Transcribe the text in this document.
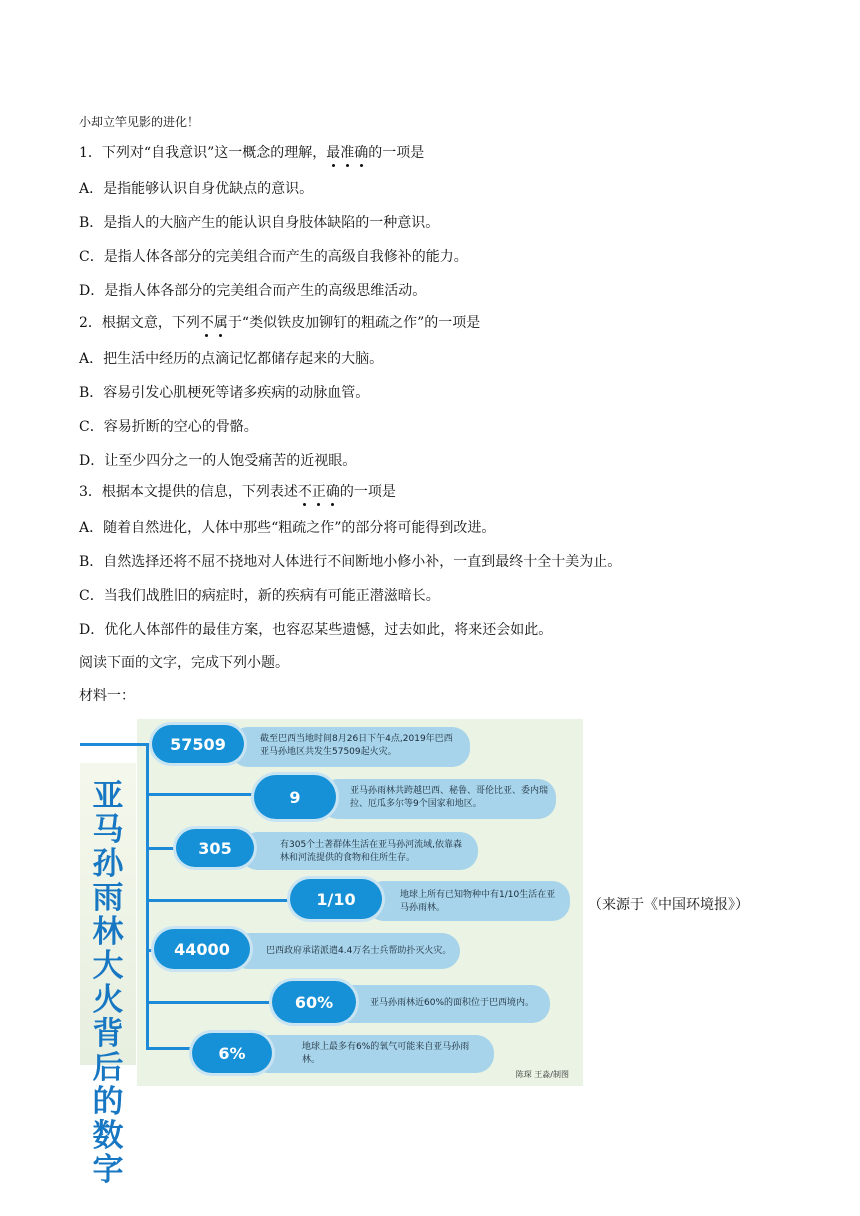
小却立竿见影的进化！
1．下列对“自我意识”这一概念的理解，最准确的一项是
A．是指能够认识自身优缺点的意识。
B．是指人的大脑产生的能认识自身肢体缺陷的一种意识。
C．是指人体各部分的完美组合而产生的高级自我修补的能力。
D．是指人体各部分的完美组合而产生的高级思维活动。
2．根据文意，下列不属于“类似铁皮加铆钉的粗疏之作”的一项是
A．把生活中经历的点滴记忆都储存起来的大脑。
B．容易引发心肌梗死等诸多疾病的动脉血管。
C．容易折断的空心的骨骼。
D．让至少四分之一的人饱受痛苦的近视眼。
3．根据本文提供的信息，下列表述不正确的一项是
A．随着自然进化，人体中那些“粗疏之作”的部分将可能得到改进。
B．自然选择还将不屈不挠地对人体进行不间断地小修小补，一直到最终十全十美为止。
C．当我们战胜旧的病症时，新的疾病有可能正潜滋暗长。
D．优化人体部件的最佳方案，也容忍某些遗憾，过去如此，将来还会如此。
阅读下面的文字，完成下列小题。
材料一：
亚
马
孙
雨
林
大
火
背
后
的
数
字
57509	截至巴西当地时间8月26日下午4点,2019年巴西亚马孙地区共发生57509起火灾。
9	亚马孙雨林共跨越巴西、秘鲁、哥伦比亚、委内瑞拉、厄瓜多尔等9个国家和地区。
305	有305个土著群体生活在亚马孙河流域,依靠森林和河流提供的食物和住所生存。
1/10	地球上所有已知物种中有1/10生活在亚马孙雨林。
44000	巴西政府承诺派遣4.4万名士兵帮助扑灭火灾。
60%	亚马孙雨林近60%的面积位于巴西境内。
6%	地球上最多有6%的氧气可能来自亚马孙雨林。
陈琛 王淼/制图
（来源于《中国环境报》）
